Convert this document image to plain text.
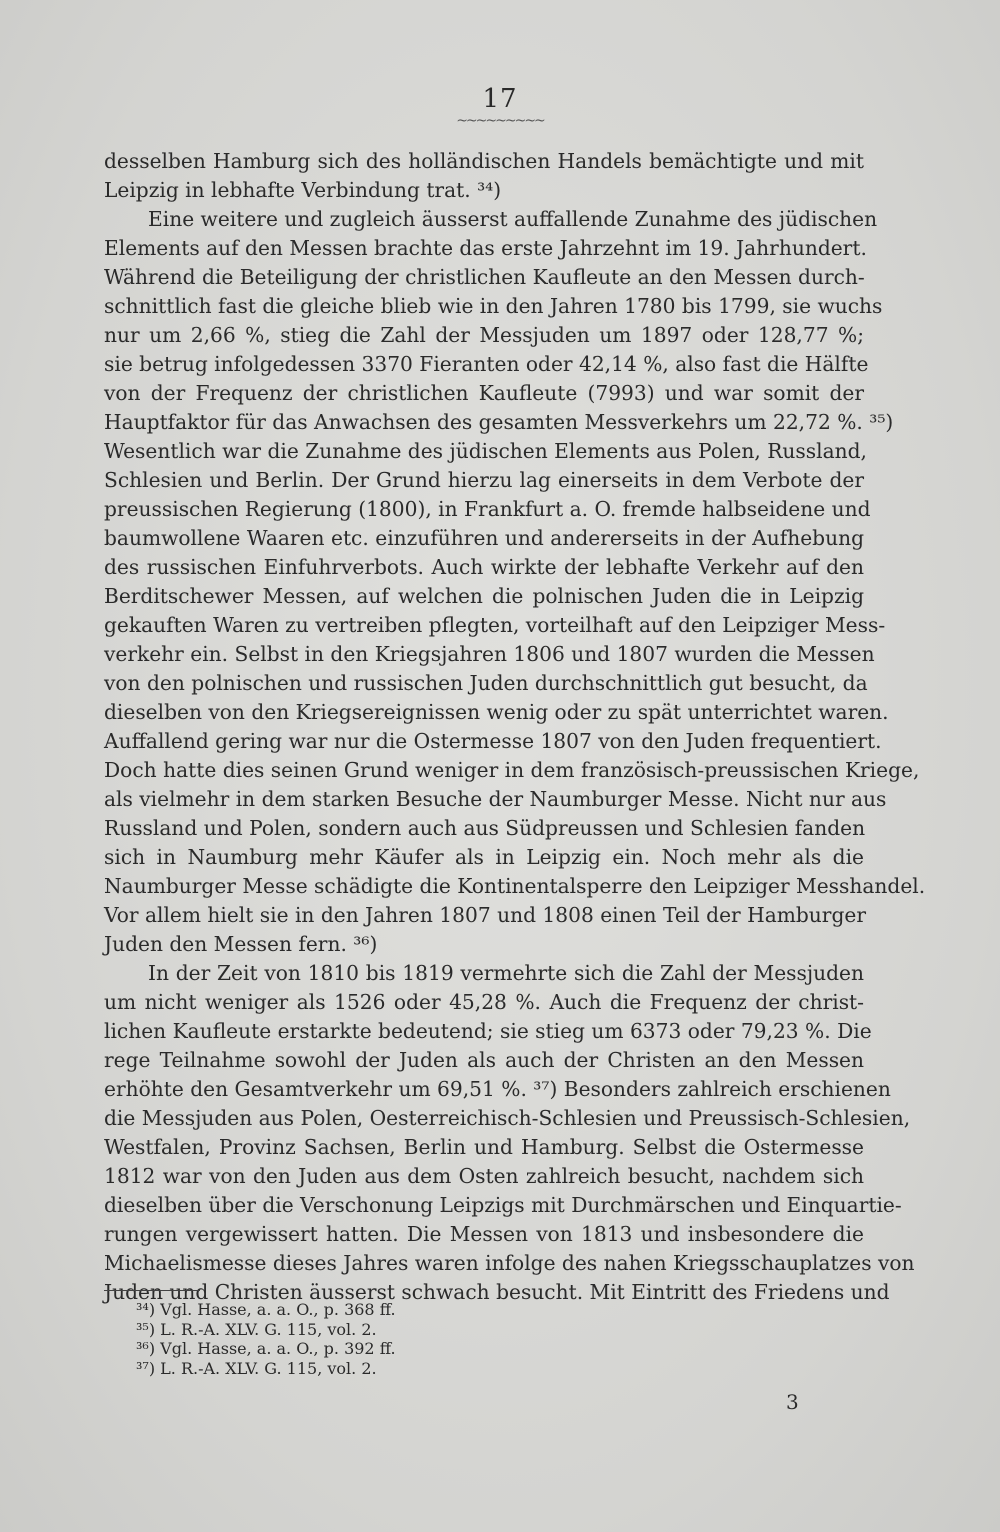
17
~~~~~~~~~
desselben Hamburg sich des holländischen Handels bemächtigte und mit
Leipzig in lebhafte Verbindung trat. ³⁴)
Eine weitere und zugleich äusserst auffallende Zunahme des jüdischen
Elements auf den Messen brachte das erste Jahrzehnt im 19. Jahrhundert.
Während die Beteiligung der christlichen Kaufleute an den Messen durch-
schnittlich fast die gleiche blieb wie in den Jahren 1780 bis 1799, sie wuchs
nur um 2,66 %, stieg die Zahl der Messjuden um 1897 oder 128,77 %;
sie betrug infolgedessen 3370 Fieranten oder 42,14 %, also fast die Hälfte
von der Frequenz der christlichen Kaufleute (7993) und war somit der
Hauptfaktor für das Anwachsen des gesamten Messverkehrs um 22,72 %. ³⁵)
Wesentlich war die Zunahme des jüdischen Elements aus Polen, Russland,
Schlesien und Berlin. Der Grund hierzu lag einerseits in dem Verbote der
preussischen Regierung (1800), in Frankfurt a. O. fremde halbseidene und
baumwollene Waaren etc. einzuführen und andererseits in der Aufhebung
des russischen Einfuhrverbots. Auch wirkte der lebhafte Verkehr auf den
Berditschewer Messen, auf welchen die polnischen Juden die in Leipzig
gekauften Waren zu vertreiben pflegten, vorteilhaft auf den Leipziger Mess-
verkehr ein. Selbst in den Kriegsjahren 1806 und 1807 wurden die Messen
von den polnischen und russischen Juden durchschnittlich gut besucht, da
dieselben von den Kriegsereignissen wenig oder zu spät unterrichtet waren.
Auffallend gering war nur die Ostermesse 1807 von den Juden frequentiert.
Doch hatte dies seinen Grund weniger in dem französisch-preussischen Kriege,
als vielmehr in dem starken Besuche der Naumburger Messe. Nicht nur aus
Russland und Polen, sondern auch aus Südpreussen und Schlesien fanden
sich in Naumburg mehr Käufer als in Leipzig ein. Noch mehr als die
Naumburger Messe schädigte die Kontinentalsperre den Leipziger Messhandel.
Vor allem hielt sie in den Jahren 1807 und 1808 einen Teil der Hamburger
Juden den Messen fern. ³⁶)
In der Zeit von 1810 bis 1819 vermehrte sich die Zahl der Messjuden
um nicht weniger als 1526 oder 45,28 %. Auch die Frequenz der christ-
lichen Kaufleute erstarkte bedeutend; sie stieg um 6373 oder 79,23 %. Die
rege Teilnahme sowohl der Juden als auch der Christen an den Messen
erhöhte den Gesamtverkehr um 69,51 %. ³⁷) Besonders zahlreich erschienen
die Messjuden aus Polen, Oesterreichisch-Schlesien und Preussisch-Schlesien,
Westfalen, Provinz Sachsen, Berlin und Hamburg. Selbst die Ostermesse
1812 war von den Juden aus dem Osten zahlreich besucht, nachdem sich
dieselben über die Verschonung Leipzigs mit Durchmärschen und Einquartie-
rungen vergewissert hatten. Die Messen von 1813 und insbesondere die
Michaelismesse dieses Jahres waren infolge des nahen Kriegsschauplatzes von
Juden und Christen äusserst schwach besucht. Mit Eintritt des Friedens und
³⁴) Vgl. Hasse, a. a. O., p. 368 ff.
³⁵) L. R.-A. XLV. G. 115, vol. 2.
³⁶) Vgl. Hasse, a. a. O., p. 392 ff.
³⁷) L. R.-A. XLV. G. 115, vol. 2.
3
